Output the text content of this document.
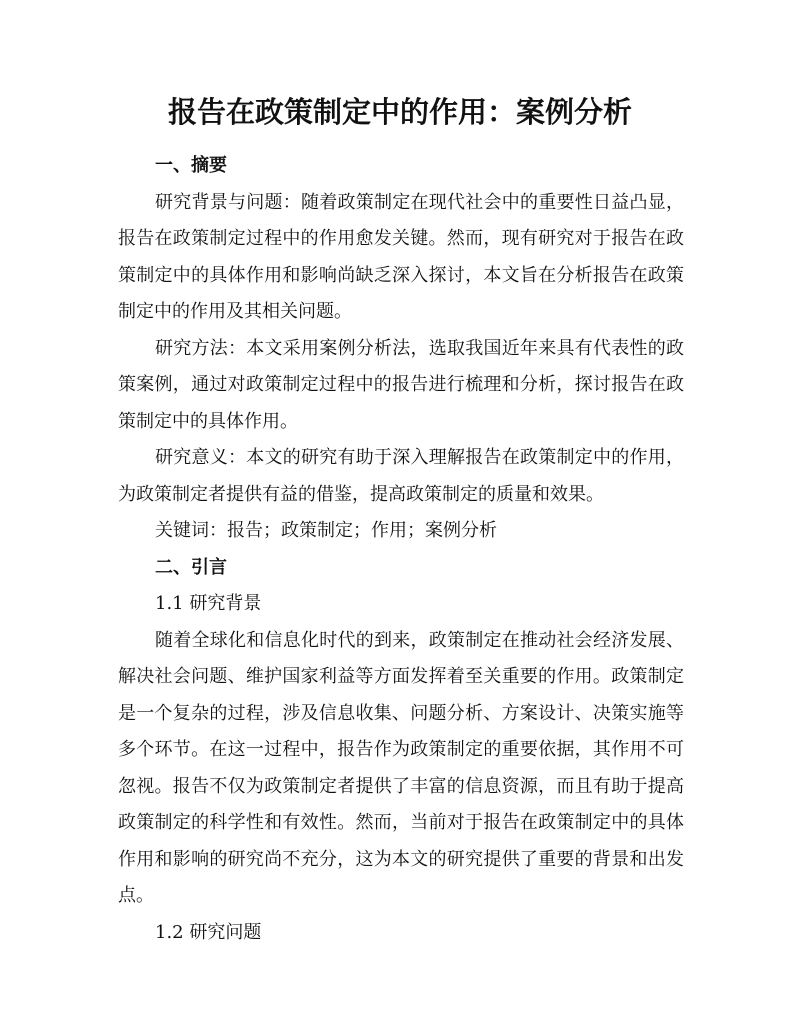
报告在政策制定中的作用：案例分析

一、摘要

研究背景与问题：随着政策制定在现代社会中的重要性日益凸显，报告在政策制定过程中的作用愈发关键。然而，现有研究对于报告在政策制定中的具体作用和影响尚缺乏深入探讨，本文旨在分析报告在政策制定中的作用及其相关问题。

研究方法：本文采用案例分析法，选取我国近年来具有代表性的政策案例，通过对政策制定过程中的报告进行梳理和分析，探讨报告在政策制定中的具体作用。

研究意义：本文的研究有助于深入理解报告在政策制定中的作用，为政策制定者提供有益的借鉴，提高政策制定的质量和效果。

关键词：报告；政策制定；作用；案例分析

二、引言

1.1 研究背景

随着全球化和信息化时代的到来，政策制定在推动社会经济发展、解决社会问题、维护国家利益等方面发挥着至关重要的作用。政策制定是一个复杂的过程，涉及信息收集、问题分析、方案设计、决策实施等多个环节。在这一过程中，报告作为政策制定的重要依据，其作用不可忽视。报告不仅为政策制定者提供了丰富的信息资源，而且有助于提高政策制定的科学性和有效性。然而，当前对于报告在政策制定中的具体作用和影响的研究尚不充分，这为本文的研究提供了重要的背景和出发点。

1.2 研究问题
